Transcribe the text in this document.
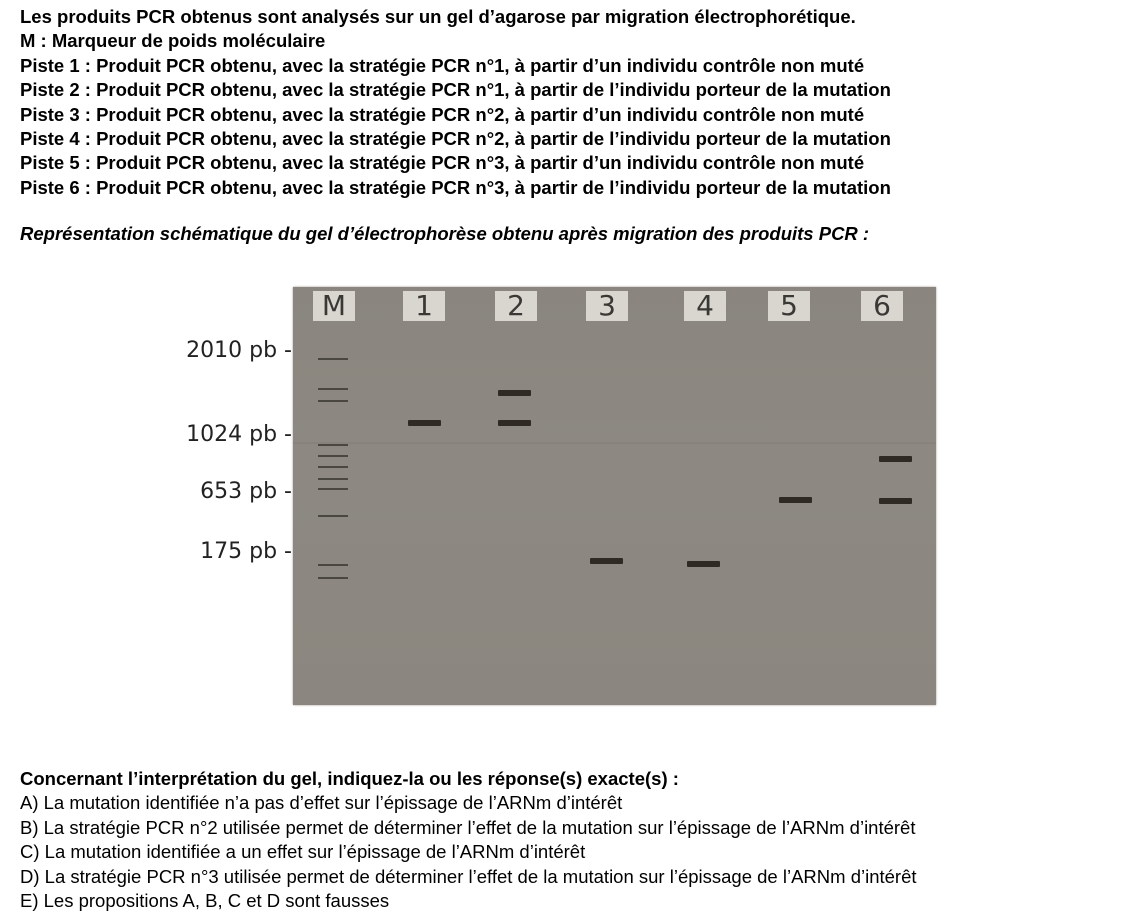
Les produits PCR obtenus sont analysés sur un gel d’agarose par migration électrophorétique.
M : Marqueur de poids moléculaire
Piste 1 : Produit PCR obtenu, avec la stratégie PCR n°1, à partir d’un individu contrôle non muté
Piste 2 : Produit PCR obtenu, avec la stratégie PCR n°1, à partir de l’individu porteur de la mutation
Piste 3 : Produit PCR obtenu, avec la stratégie PCR n°2, à partir d’un individu contrôle non muté
Piste 4 : Produit PCR obtenu, avec la stratégie PCR n°2, à partir de l’individu porteur de la mutation
Piste 5 : Produit PCR obtenu, avec la stratégie PCR n°3, à partir d’un individu contrôle non muté
Piste 6 : Produit PCR obtenu, avec la stratégie PCR n°3, à partir de l’individu porteur de la mutation
Représentation schématique du gel d’électrophorèse obtenu après migration des produits PCR :
2010 pb -
1024 pb -
653 pb -
175 pb -
M	1	2	3	4	5	6
Concernant l’interprétation du gel, indiquez-la ou les réponse(s) exacte(s) :
A) La mutation identifiée n’a pas d’effet sur l’épissage de l’ARNm d’intérêt
B) La stratégie PCR n°2 utilisée permet de déterminer l’effet de la mutation sur l’épissage de l’ARNm d’intérêt
C) La mutation identifiée a un effet sur l’épissage de l’ARNm d’intérêt
D) La stratégie PCR n°3 utilisée permet de déterminer l’effet de la mutation sur l’épissage de l’ARNm d’intérêt
E) Les propositions A, B, C et D sont fausses
